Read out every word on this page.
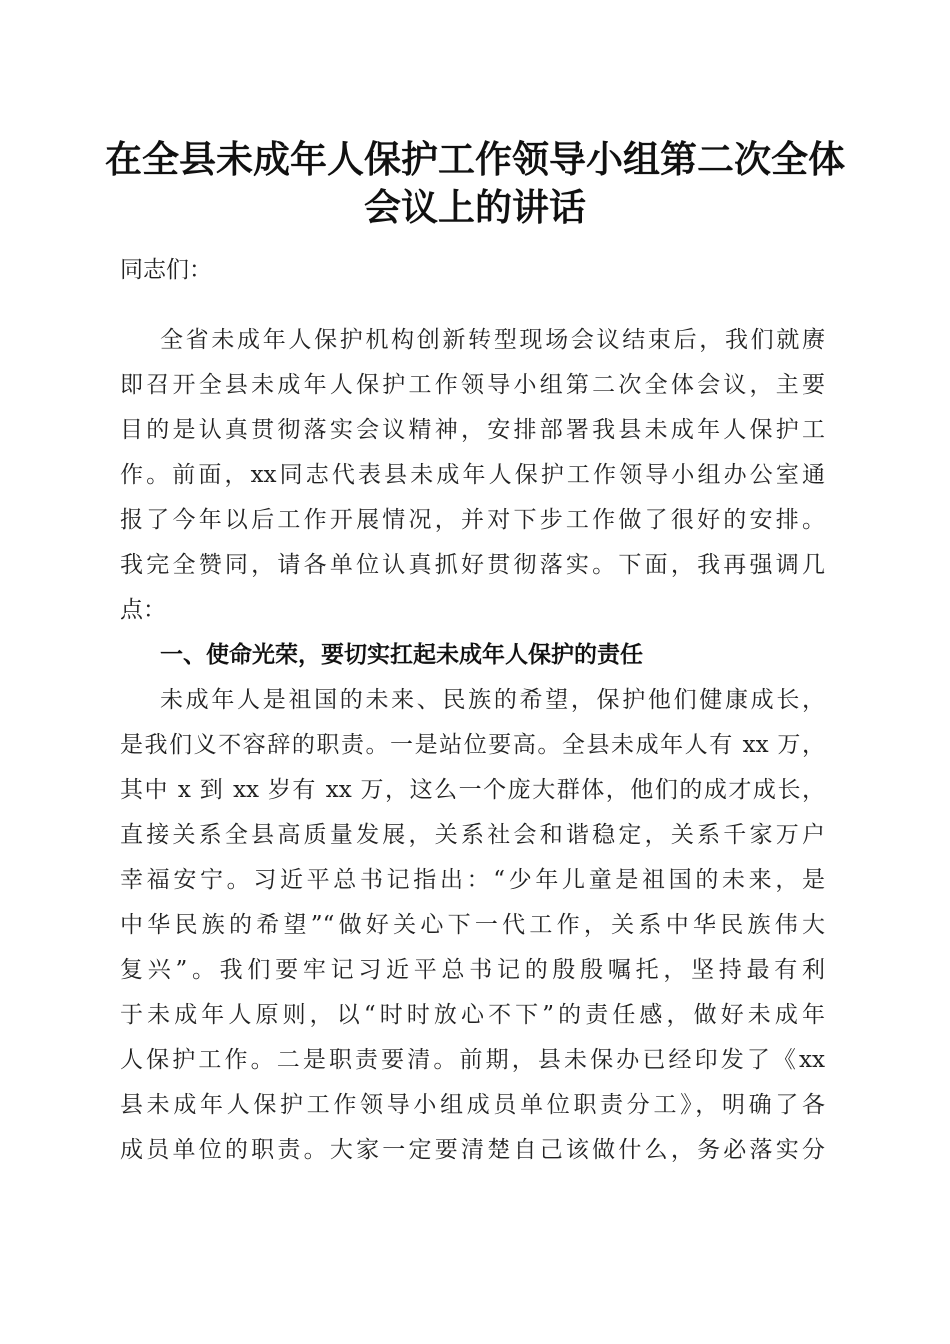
在全县未成年人保护工作领导小组第二次全体
会议上的讲话
同志们：
全省未成年人保护机构创新转型现场会议结束后，我们就赓
即召开全县未成年人保护工作领导小组第二次全体会议，主要
目的是认真贯彻落实会议精神，安排部署我县未成年人保护工
作。前面，xx同志代表县未成年人保护工作领导小组办公室通
报了今年以后工作开展情况，并对下步工作做了很好的安排。
我完全赞同，请各单位认真抓好贯彻落实。下面，我再强调几
点：
一、使命光荣，要切实扛起未成年人保护的责任
未成年人是祖国的未来、民族的希望，保护他们健康成长，
是我们义不容辞的职责。一是站位要高。全县未成年人有 xx 万，
其中 x 到 xx 岁有 xx 万，这么一个庞大群体，他们的成才成长，
直接关系全县高质量发展，关系社会和谐稳定，关系千家万户
幸福安宁。习近平总书记指出：“少年儿童是祖国的未来，是
中华民族的希望”“做好关心下一代工作，关系中华民族伟大
复兴”。我们要牢记习近平总书记的殷殷嘱托，坚持最有利
于未成年人原则，以“时时放心不下”的责任感，做好未成年
人保护工作。二是职责要清。前期，县未保办已经印发了《xx
县未成年人保护工作领导小组成员单位职责分工》，明确了各
成员单位的职责。大家一定要清楚自己该做什么，务必落实分
